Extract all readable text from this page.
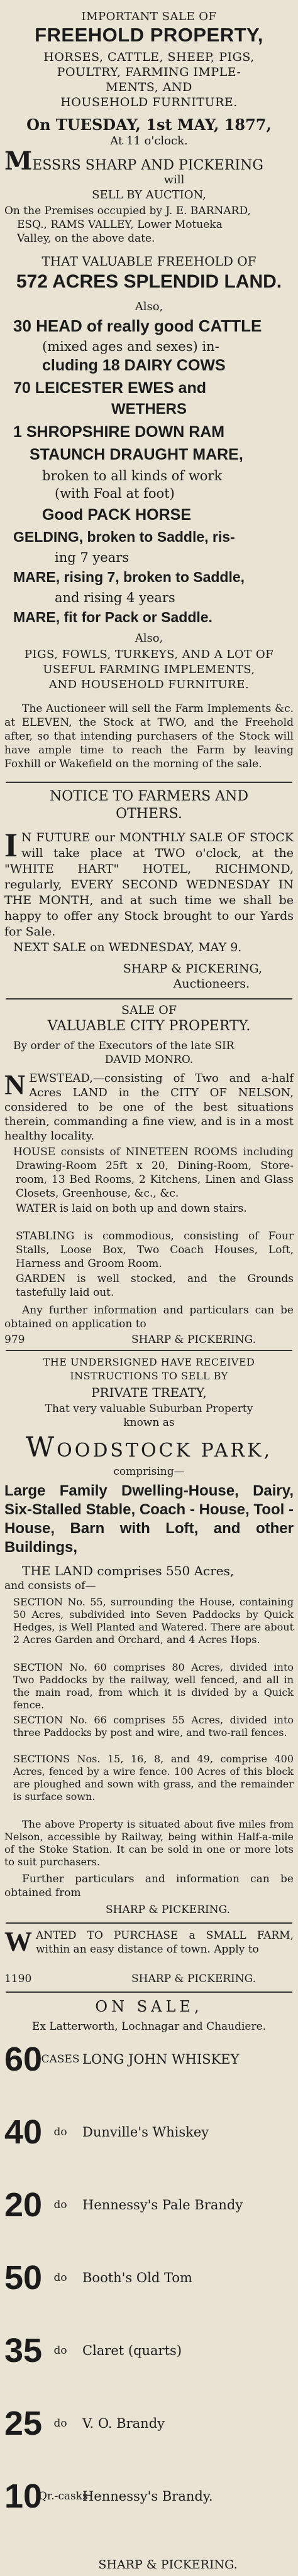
IMPORTANT SALE OF
FREEHOLD PROPERTY,
HORSES, CATTLE, SHEEP, PIGS,
POULTRY, FARMING IMPLE-
MENTS, AND
HOUSEHOLD FURNITURE.
On TUESDAY, 1st MAY, 1877,
At 11 o'clock.
MESSRS SHARP AND PICKERING
will
SELL BY AUCTION,
On the Premises occupied by J. E. BARNARD,
ESQ., RAMS VALLEY, Lower Motueka
Valley, on the above date.
THAT VALUABLE FREEHOLD OF
572 ACRES SPLENDID LAND.
Also,
30 HEAD of really good CATTLE
(mixed ages and sexes) in-
cluding 18 DAIRY COWS
70 LEICESTER EWES and
WETHERS
1 SHROPSHIRE DOWN RAM
STAUNCH DRAUGHT MARE,
broken to all kinds of work
(with Foal at foot)
Good PACK HORSE
GELDING, broken to Saddle, ris-
ing 7 years
MARE, rising 7, broken to Saddle,
and rising 4 years
MARE, fit for Pack or Saddle.
Also,
PIGS, FOWLS, TURKEYS, AND A LOT OF
USEFUL FARMING IMPLEMENTS,
AND HOUSEHOLD FURNITURE.
The Auctioneer will sell the Farm Implements &c. at ELEVEN, the Stock at TWO, and the Freehold after, so that intending purchasers of the Stock will have ample time to reach the Farm by leaving Foxhill or Wakefield on the morning of the sale.
NOTICE TO FARMERS AND
OTHERS.
I N FUTURE our MONTHLY SALE OF STOCK will take place at TWO o'clock, at the "WHITE HART" HOTEL, RICHMOND, regularly, EVERY SECOND WEDNESDAY IN THE MONTH, and at such time we shall be happy to offer any Stock brought to our Yards for Sale.
NEXT SALE on WEDNESDAY, MAY 9.
SHARP & PICKERING,
Auctioneers.
SALE OF
VALUABLE CITY PROPERTY.
By order of the Executors of the late SIR
DAVID MONRO.
NEWSTEAD,—consisting of Two and a-half Acres LAND in the CITY OF NELSON, considered to be one of the best situations therein, commanding a fine view, and is in a most healthy locality.
HOUSE consists of NINETEEN ROOMS including Drawing-Room 25ft x 20, Dining-Room, Store-room, 13 Bed Rooms, 2 Kitchens, Linen and Glass Closets, Greenhouse, &c., &c.
WATER is laid on both up and down stairs.
STABLING is commodious, consisting of Four Stalls, Loose Box, Two Coach Houses, Loft, Harness and Groom Room.
GARDEN is well stocked, and the Grounds tastefully laid out.
Any further information and particulars can be obtained on application to
979	SHARP & PICKERING.
THE UNDERSIGNED HAVE RECEIVED
INSTRUCTIONS TO SELL BY
PRIVATE TREATY,
That very valuable Suburban Property
known as
WOODSTOCK PARK,
comprising—
Large Family Dwelling-House, Dairy, Six-Stalled Stable, Coach - House, Tool - House, Barn with Loft, and other Buildings,
THE LAND comprises 550 Acres,
and consists of—
SECTION No. 55, surrounding the House, containing 50 Acres, subdivided into Seven Paddocks by Quick Hedges, is Well Planted and Watered. There are about 2 Acres Garden and Orchard, and 4 Acres Hops.
SECTION No. 60 comprises 80 Acres, divided into Two Paddocks by the railway, well fenced, and all in the main road, from which it is divided by a Quick fence.
SECTION No. 66 comprises 55 Acres, divided into three Paddocks by post and wire, and two-rail fences.
SECTIONS Nos. 15, 16, 8, and 49, comprise 400 Acres, fenced by a wire fence. 100 Acres of this block are ploughed and sown with grass, and the remainder is surface sown.
The above Property is situated about five miles from Nelson, accessible by Railway, being within Half-a-mile of the Stoke Station. It can be sold in one or more lots to suit purchasers.
Further particulars and information can be obtained from
SHARP & PICKERING.
WANTED TO PURCHASE a SMALL FARM, within an easy distance of town. Apply to
1190	SHARP & PICKERING.
ON SALE,
Ex Latterworth, Lochnagar and Chaudiere.
60CASES LONG JOHN WHISKEY
40 do Dunville's Whiskey
20 do Hennessy's Pale Brandy
50 do Booth's Old Tom
35 do Claret (quarts)
25 do V. O. Brandy
10Qr.-casksHennessy's Brandy.
SHARP & PICKERING.
